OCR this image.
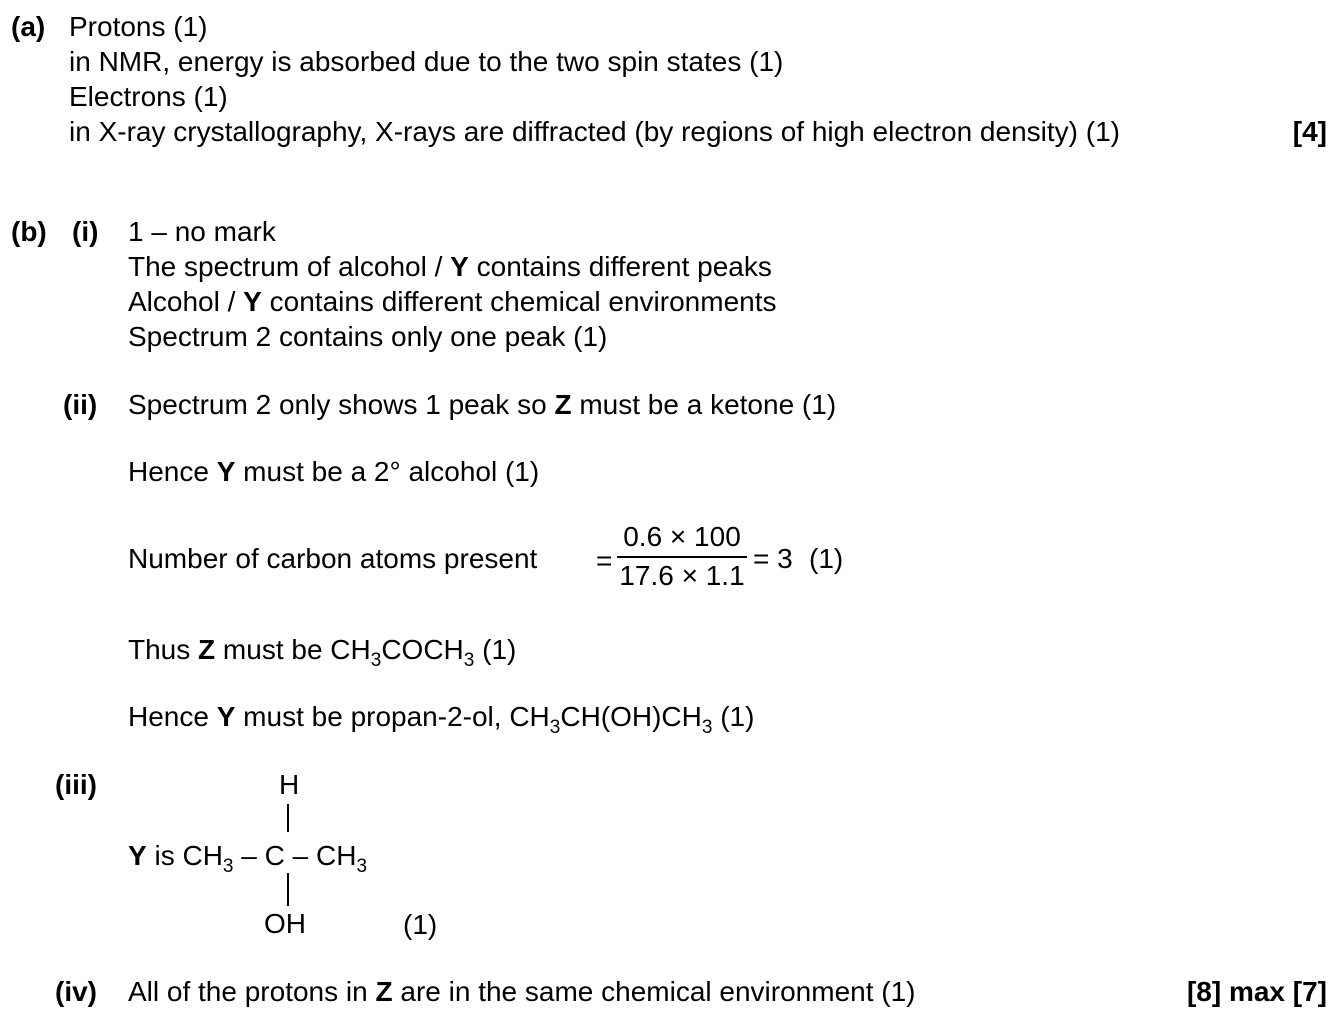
(a) Protons (1)
in NMR, energy is absorbed due to the two spin states (1)
Electrons (1)
in X-ray crystallography, X-rays are diffracted (by regions of high electron density) (1)	[4]
(b) (i) 1 – no mark
The spectrum of alcohol / Y contains different peaks
Alcohol / Y contains different chemical environments
Spectrum 2 contains only one peak (1)
(ii) Spectrum 2 only shows 1 peak so Z must be a ketone (1)
Hence Y must be a 2° alcohol (1)
Number of carbon atoms present =
0.6 × 100
17.6 × 1.1
= 3 (1)
Thus Z must be $CH_3COCH_3$ (1)
Hence Y must be propan-2-ol, $CH_3CH(OH)CH_3$ (1)
(iii)	H
Y is $CH_3$ – C – $CH_3$
OH	(1)
(iv) All of the protons in Z are in the same chemical environment (1)	[8] max [7]
